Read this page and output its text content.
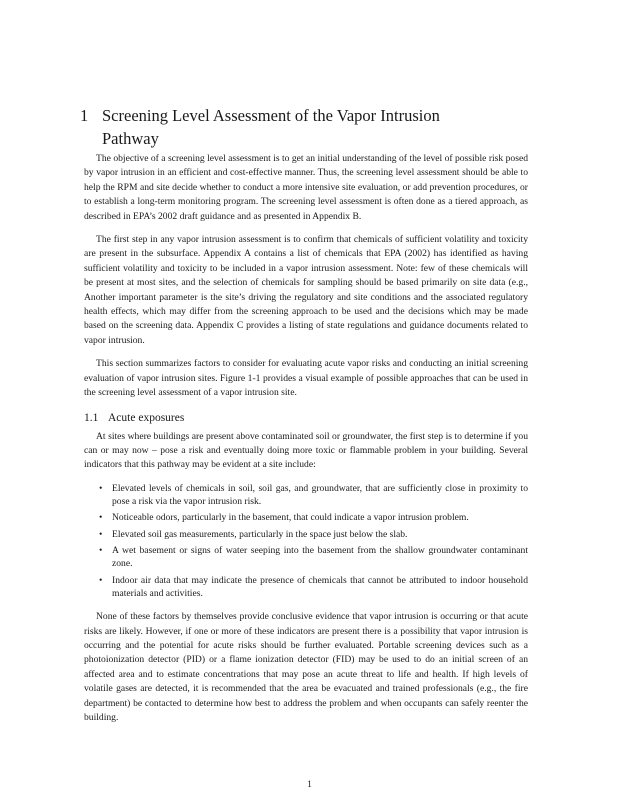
1 Screening Level Assessment of the Vapor Intrusion
Pathway

The objective of a screening level assessment is to get an initial understanding of the level of possible risk posed by vapor intrusion in an efficient and cost-effective manner. Thus, the screening level assessment should be able to help the RPM and site decide whether to conduct a more intensive site evaluation, or add prevention procedures, or to establish a long-term monitoring program. The screening level assessment is often done as a tiered approach, as described in EPA’s 2002 draft guidance and as presented in Appendix B.

The first step in any vapor intrusion assessment is to confirm that chemicals of sufficient volatility and toxicity are present in the subsurface. Appendix A contains a list of chemicals that EPA (2002) has identified as having sufficient volatility and toxicity to be included in a vapor intrusion assessment. Note: few of these chemicals will be present at most sites, and the selection of chemicals for sampling should be based primarily on site data (e.g., Another important parameter is the site’s driving the regulatory and site conditions and the associated regulatory health effects, which may differ from the screening approach to be used and the decisions which may be made based on the screening data. Appendix C provides a listing of state regulations and guidance documents related to vapor intrusion.

This section summarizes factors to consider for evaluating acute vapor risks and conducting an initial screening evaluation of vapor intrusion sites. Figure 1-1 provides a visual example of possible approaches that can be used in the screening level assessment of a vapor intrusion site.

1.1 Acute exposures

At sites where buildings are present above contaminated soil or groundwater, the first step is to determine if you can or may now – pose a risk and eventually doing more toxic or flammable problem in your building. Several indicators that this pathway may be evident at a site include:

• Elevated levels of chemicals in soil, soil gas, and groundwater, that are sufficiently close in proximity to pose a risk via the vapor intrusion risk.
• Noticeable odors, particularly in the basement, that could indicate a vapor intrusion problem.
• Elevated soil gas measurements, particularly in the space just below the slab.
• A wet basement or signs of water seeping into the basement from the shallow groundwater contaminant zone.
• Indoor air data that may indicate the presence of chemicals that cannot be attributed to indoor household materials and activities.

None of these factors by themselves provide conclusive evidence that vapor intrusion is occurring or that acute risks are likely. However, if one or more of these indicators are present there is a possibility that vapor intrusion is occurring and the potential for acute risks should be further evaluated. Portable screening devices such as a photoionization detector (PID) or a flame ionization detector (FID) may be used to do an initial screen of an affected area and to estimate concentrations that may pose an acute threat to life and health. If high levels of volatile gases are detected, it is recommended that the area be evacuated and trained professionals (e.g., the fire department) be contacted to determine how best to address the problem and when occupants can safely reenter the building.

1
